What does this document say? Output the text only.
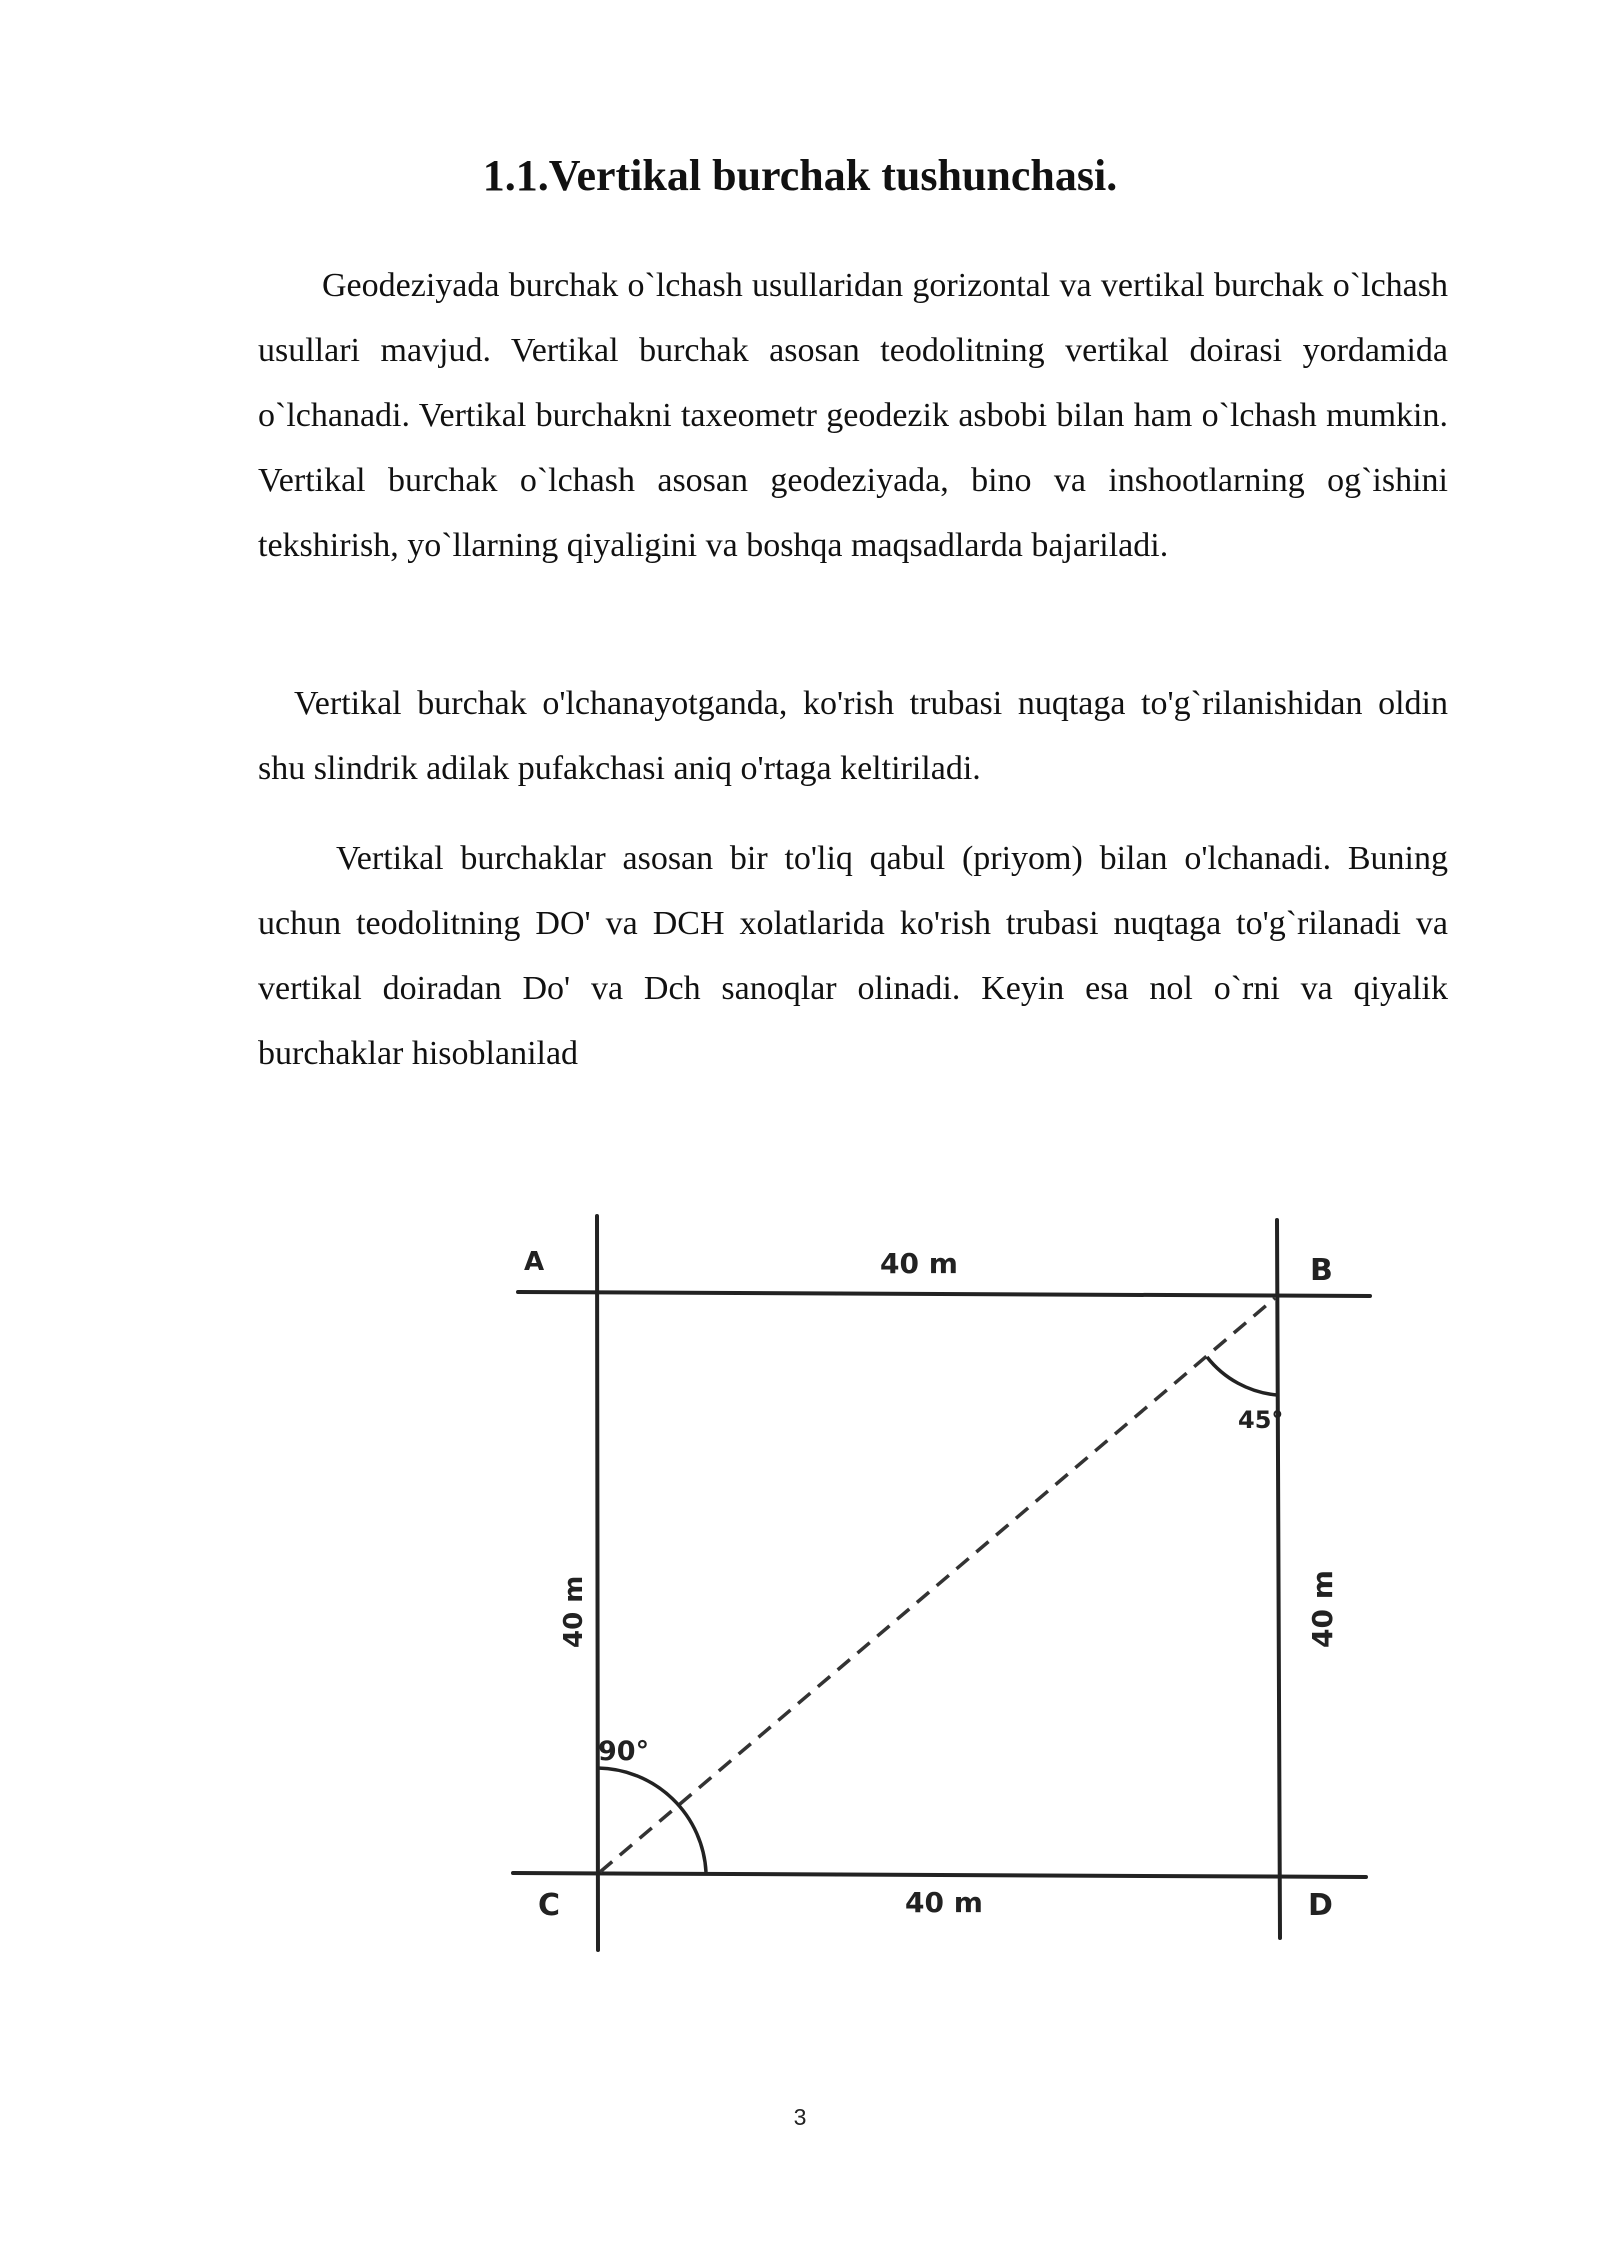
1.1.Vertikal burchak tushunchasi.

Geodeziyada burchak o`lchash usullaridan gorizontal va vertikal burchak o`lchash usullari mavjud. Vertikal burchak asosan teodolitning vertikal doirasi yordamida o`lchanadi. Vertikal burchakni taxeometr geodezik asbobi bilan ham o`lchash mumkin. Vertikal burchak o`lchash asosan geodeziyada, bino va inshootlarning og`ishini tekshirish, yo`llarning qiyaligini va boshqa maqsadlarda bajariladi.

Vertikal burchak o'lchanayotganda, ko'rish trubasi nuqtaga to'g`rilanishidan oldin shu slindrik adilak pufakchasi aniq o'rtaga keltiriladi.

Vertikal burchaklar asosan bir to'liq qabul (priyom) bilan o'lchanadi. Buning uchun teodolitning DO' va DCH xolatlarida ko'rish trubasi nuqtaga to'g`rilanadi va vertikal doiradan Do' va Dch sanoqlar olinadi. Keyin esa nol o`rni va qiyalik burchaklar hisoblanilad

A	B
C	D
40 m
40 m
40 m	40 m
90°
45°

3
